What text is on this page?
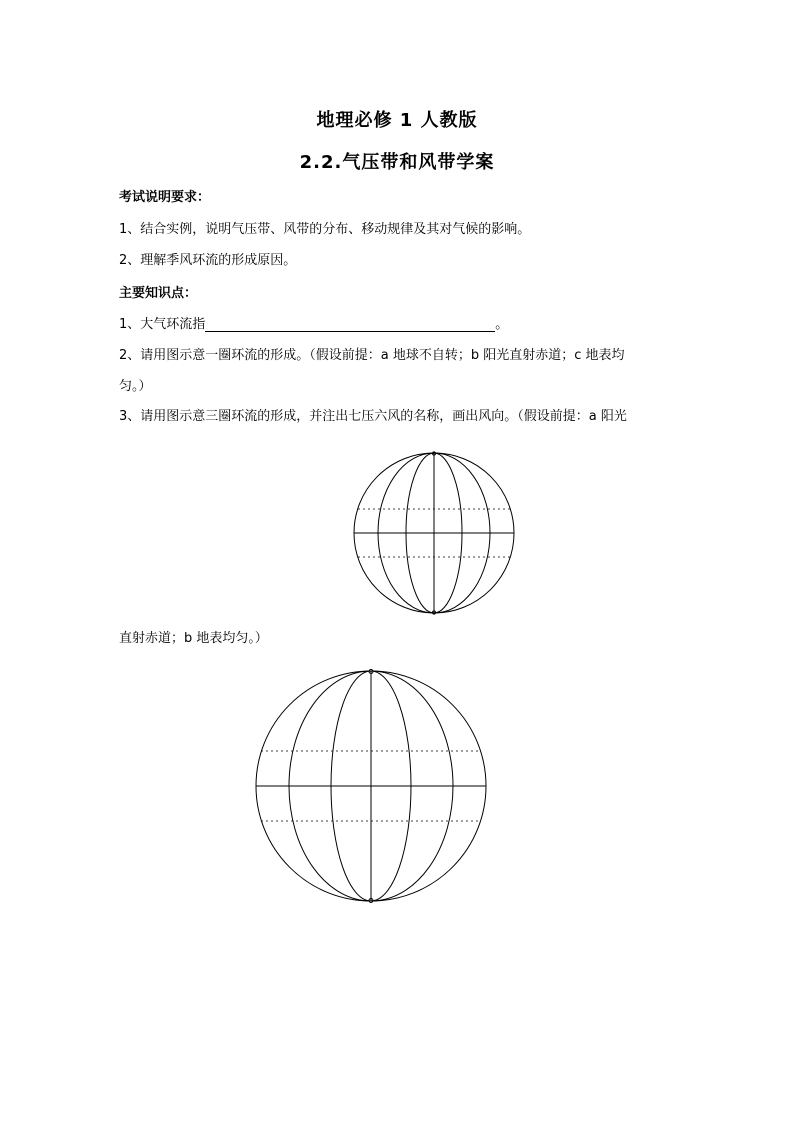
地理必修 1 人教版
2.2.气压带和风带学案
考试说明要求：
1、结合实例，说明气压带、风带的分布、移动规律及其对气候的影响。
2、理解季风环流的形成原因。
主要知识点：
1、大气环流指	。
2、请用图示意一圈环流的形成。（假设前提：a 地球不自转；b 阳光直射赤道；c 地表均
匀。）
3、请用图示意三圈环流的形成，并注出七压六风的名称，画出风向。（假设前提：a 阳光
直射赤道；b 地表均匀。）
